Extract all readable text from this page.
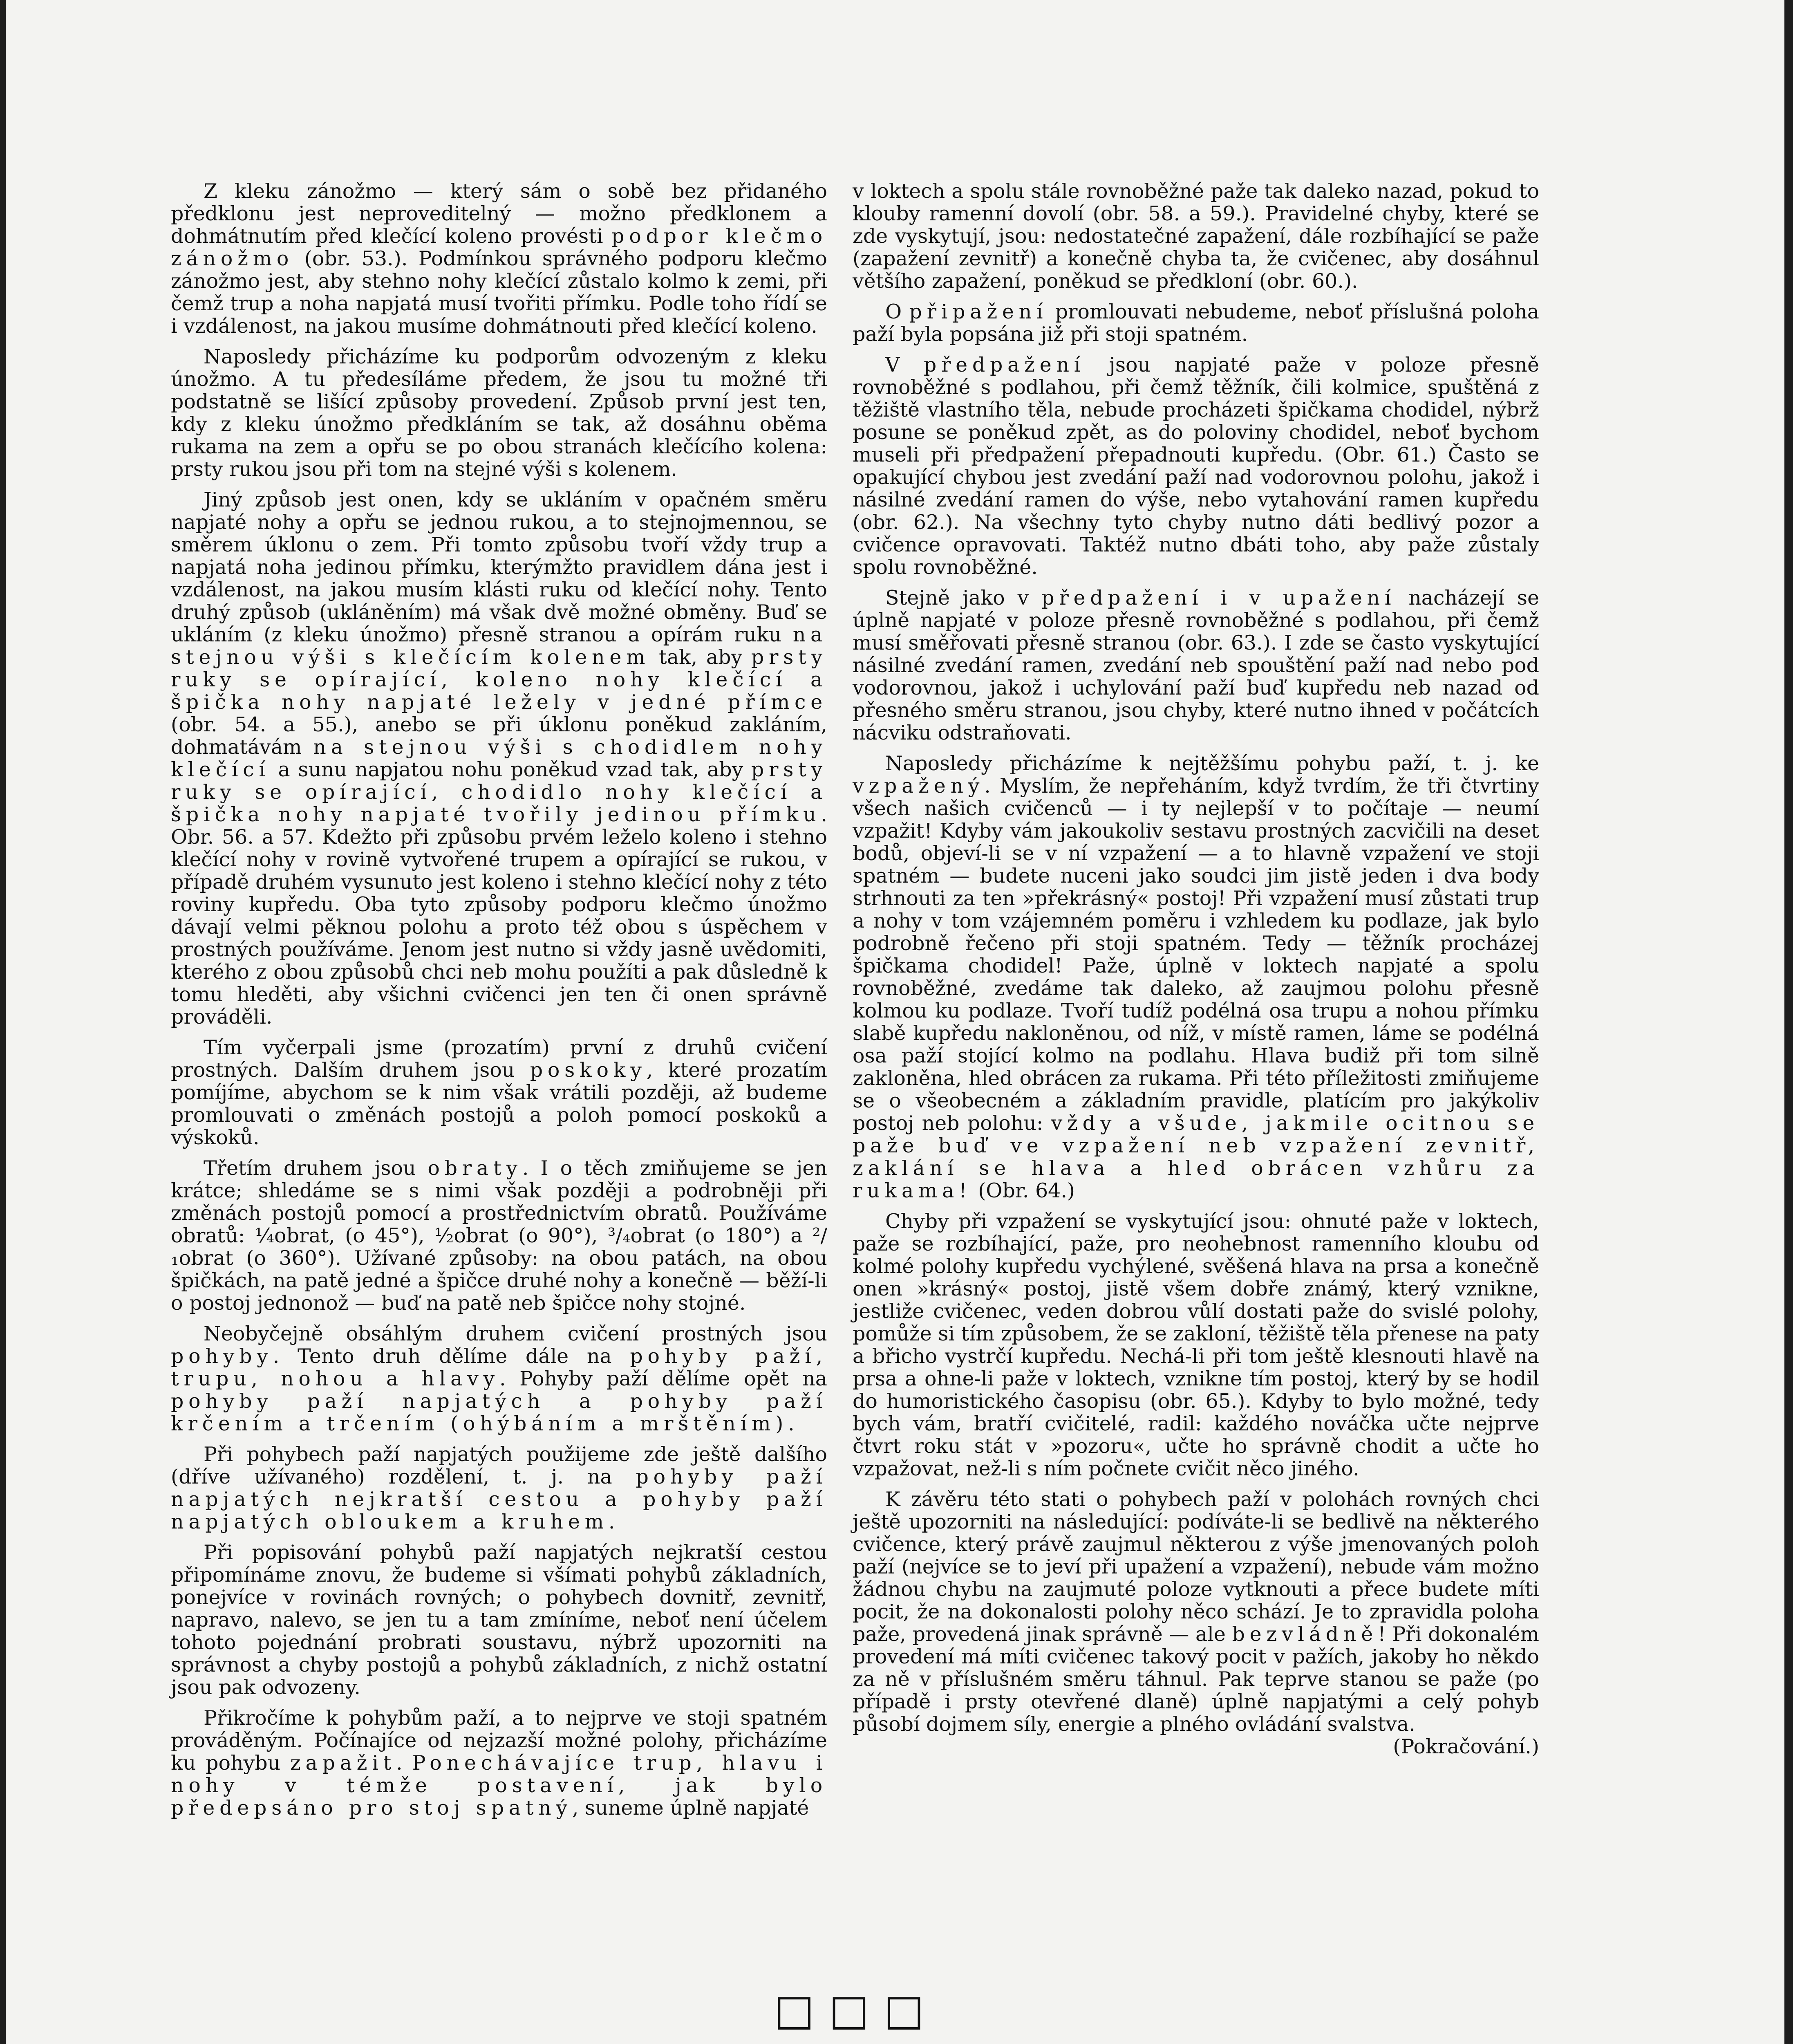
Z kleku zánožmo — který sám o sobě bez přidaného předklonu jest neproveditelný — možno předklonem a dohmátnutím před klečící koleno provésti podpor klečmo zánožmo (obr. 53.). Podmínkou správného podporu klečmo zánožmo jest, aby stehno nohy klečící zůstalo kolmo k zemi, při čemž trup a noha napjatá musí tvořiti přímku. Podle toho řídí se i vzdálenost, na jakou musíme dohmátnouti před klečící koleno.

Naposledy přicházíme ku podporům odvozeným z kleku únožmo. A tu předesíláme předem, že jsou tu možné tři podstatně se lišící způsoby provedení. Způsob první jest ten, kdy z kleku únožmo předkláním se tak, až dosáhnu oběma rukama na zem a opřu se po obou stranách klečícího kolena: prsty rukou jsou při tom na stejné výši s kolenem.

Jiný způsob jest onen, kdy se ukláním v opačném směru napjaté nohy a opřu se jednou rukou, a to stejnojmennou, se směrem úklonu o zem. Při tomto způsobu tvoří vždy trup a napjatá noha jedinou přímku, kterýmžto pravidlem dána jest i vzdálenost, na jakou musím klásti ruku od klečící nohy. Tento druhý způsob (ukláněním) má však dvě možné obměny. Buď se ukláním (z kleku únožmo) přesně stranou a opírám ruku na stejnou výši s klečícím kolenem tak, aby prsty ruky se opírající, koleno nohy klečící a špička nohy napjaté ležely v jedné přímce (obr. 54. a 55.), anebo se při úklonu poněkud zakláním, dohmatávám na stejnou výši s chodidlem nohy klečící a sunu napjatou nohu poněkud vzad tak, aby prsty ruky se opírající, chodidlo nohy klečící a špička nohy napjaté tvořily jedinou přímku. Obr. 56. a 57. Kdežto při způsobu prvém leželo koleno i stehno klečící nohy v rovině vytvořené trupem a opírající se rukou, v případě druhém vysunuto jest koleno i stehno klečící nohy z této roviny kupředu. Oba tyto způsoby podporu klečmo únožmo dávají velmi pěknou polohu a proto též obou s úspěchem v prostných používáme. Jenom jest nutno si vždy jasně uvědomiti, kterého z obou způsobů chci neb mohu použíti a pak důsledně k tomu hleděti, aby všichni cvičenci jen ten či onen správně prováděli.

Tím vyčerpali jsme (prozatím) první z druhů cvičení prostných. Dalším druhem jsou poskoky, které prozatím pomíjíme, abychom se k nim však vrátili později, až budeme promlouvati o změnách postojů a poloh pomocí poskoků a výskoků.

Třetím druhem jsou obraty. I o těch zmiňujeme se jen krátce; shledáme se s nimi však později a podrobněji při změnách postojů pomocí a prostřednictvím obratů. Používáme obratů: ¼obrat, (o 45°), ½obrat (o 90°), ³/₄obrat (o 180°) a ²/₁obrat (o 360°). Užívané způsoby: na obou patách, na obou špičkách, na patě jedné a špičce druhé nohy a konečně — běží-li o postoj jednonož — buď na patě neb špičce nohy stojné.

Neobyčejně obsáhlým druhem cvičení prostných jsou pohyby. Tento druh dělíme dále na pohyby paží, trupu, nohou a hlavy. Pohyby paží dělíme opět na pohyby paží napjatých a pohyby paží krčením a trčením (ohýbáním a mrštěním).

Při pohybech paží napjatých použijeme zde ještě dalšího (dříve užívaného) rozdělení, t. j. na pohyby paží napjatých nejkratší cestou a pohyby paží napjatých obloukem a kruhem.

Při popisování pohybů paží napjatých nejkratší cestou připomínáme znovu, že budeme si všímati pohybů základních, ponejvíce v rovinách rovných; o pohybech dovnitř, zevnitř, napravo, nalevo, se jen tu a tam zmíníme, neboť není účelem tohoto pojednání probrati soustavu, nýbrž upozorniti na správnost a chyby postojů a pohybů základních, z nichž ostatní jsou pak odvozeny.

Přikročíme k pohybům paží, a to nejprve ve stoji spatném prováděným. Počínajíce od nejzazší možné polohy, přicházíme ku pohybu zapažit. Ponechávajíce trup, hlavu i nohy v témže postavení, jak bylo předepsáno pro stoj spatný, suneme úplně napjaté

v loktech a spolu stále rovnoběžné paže tak daleko nazad, pokud to klouby ramenní dovolí (obr. 58. a 59.). Pravidelné chyby, které se zde vyskytují, jsou: nedostatečné zapažení, dále rozbíhající se paže (zapažení zevnitř) a konečně chyba ta, že cvičenec, aby dosáhnul většího zapažení, poněkud se předkloní (obr. 60.).

O připažení promlouvati nebudeme, neboť příslušná poloha paží byla popsána již při stoji spatném.

V předpažení jsou napjaté paže v poloze přesně rovnoběžné s podlahou, při čemž těžník, čili kolmice, spuštěná z těžiště vlastního těla, nebude procházeti špičkama chodidel, nýbrž posune se poněkud zpět, as do poloviny chodidel, neboť bychom museli při předpažení přepadnouti kupředu. (Obr. 61.) Často se opakující chybou jest zvedání paží nad vodorovnou polohu, jakož i násilné zvedání ramen do výše, nebo vytahování ramen kupředu (obr. 62.). Na všechny tyto chyby nutno dáti bedlivý pozor a cvičence opravovati. Taktéž nutno dbáti toho, aby paže zůstaly spolu rovnoběžné.

Stejně jako v předpažení i v upažení nacházejí se úplně napjaté v poloze přesně rovnoběžné s podlahou, při čemž musí směřovati přesně stranou (obr. 63.). I zde se často vyskytující násilné zvedání ramen, zvedání neb spouštění paží nad nebo pod vodorovnou, jakož i uchylování paží buď kupředu neb nazad od přesného směru stranou, jsou chyby, které nutno ihned v počátcích nácviku odstraňovati.

Naposledy přicházíme k nejtěžšímu pohybu paží, t. j. ke vzpažený. Myslím, že nepřeháním, když tvrdím, že tři čtvrtiny všech našich cvičenců — i ty nejlepší v to počítaje — neumí vzpažit! Kdyby vám jakoukoliv sestavu prostných zacvičili na deset bodů, objeví-li se v ní vzpažení — a to hlavně vzpažení ve stoji spatném — budete nuceni jako soudci jim jistě jeden i dva body strhnouti za ten »překrásný« postoj! Při vzpažení musí zůstati trup a nohy v tom vzájemném poměru i vzhledem ku podlaze, jak bylo podrobně řečeno při stoji spatném. Tedy — těžník procházej špičkama chodidel! Paže, úplně v loktech napjaté a spolu rovnoběžné, zvedáme tak daleko, až zaujmou polohu přesně kolmou ku podlaze. Tvoří tudíž podélná osa trupu a nohou přímku slabě kupředu nakloněnou, od níž, v místě ramen, láme se podélná osa paží stojící kolmo na podlahu. Hlava budiž při tom silně zakloněna, hled obrácen za rukama. Při této příležitosti zmiňujeme se o všeobecném a základním pravidle, platícím pro jakýkoliv postoj neb polohu: vždy a všude, jakmile ocitnou se paže buď ve vzpažení neb vzpažení zevnitř, zaklání se hlava a hled obrácen vzhůru za rukama! (Obr. 64.)

Chyby při vzpažení se vyskytující jsou: ohnuté paže v loktech, paže se rozbíhající, paže, pro neohebnost ramenního kloubu od kolmé polohy kupředu vychýlené, svěšená hlava na prsa a konečně onen »krásný« postoj, jistě všem dobře známý, který vznikne, jestliže cvičenec, veden dobrou vůlí dostati paže do svislé polohy, pomůže si tím způsobem, že se zakloní, těžiště těla přenese na paty a břicho vystrčí kupředu. Nechá-li při tom ještě klesnouti hlavě na prsa a ohne-li paže v loktech, vznikne tím postoj, který by se hodil do humoristického časopisu (obr. 65.). Kdyby to bylo možné, tedy bych vám, bratří cvičitelé, radil: každého nováčka učte nejprve čtvrt roku stát v »pozoru«, učte ho správně chodit a učte ho vzpažovat, než-li s ním počnete cvičit něco jiného.

K závěru této stati o pohybech paží v polohách rovných chci ještě upozorniti na následující: podíváte-li se bedlivě na některého cvičence, který právě zaujmul některou z výše jmenovaných poloh paží (nejvíce se to jeví při upažení a vzpažení), nebude vám možno žádnou chybu na zaujmuté poloze vytknouti a přece budete míti pocit, že na dokonalosti polohy něco schází. Je to zpravidla poloha paže, provedená jinak správně — ale bezvládně! Při dokonalém provedení má míti cvičenec takový pocit v pažích, jakoby ho někdo za ně v příslušném směru táhnul. Pak teprve stanou se paže (po případě i prsty otevřené dlaně) úplně napjatými a celý pohyb působí dojmem síly, energie a plného ovládání svalstva.
(Pokračování.)

□□□
